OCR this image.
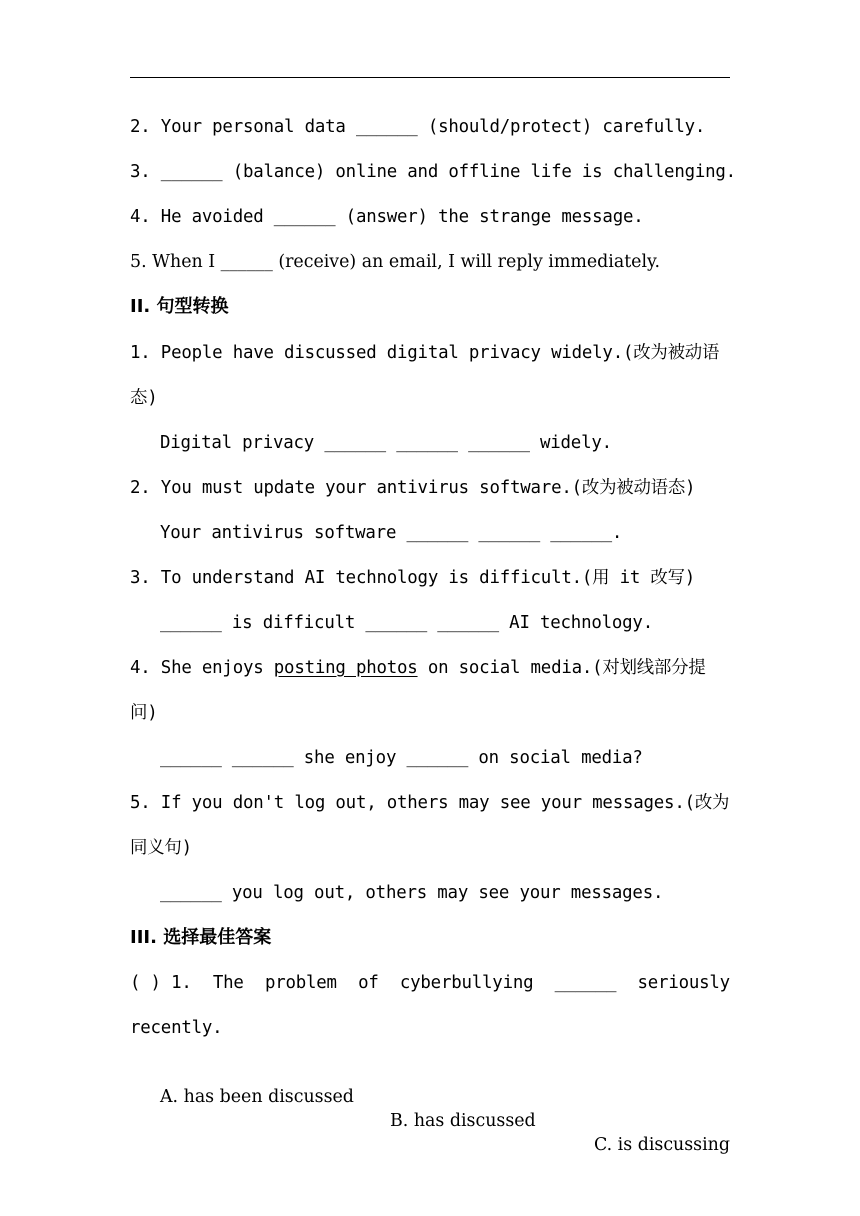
2. Your personal data ______ (should/protect) carefully.
3. ______ (balance) online and offline life is challenging.
4. He avoided ______ (answer) the strange message.
5. When I ______ (receive) an email, I will reply immediately.
II. 句型转换
1. People have discussed digital privacy widely.(改为被动语
态)
Digital privacy ______ ______ ______ widely.
2. You must update your antivirus software.(改为被动语态)
Your antivirus software ______ ______ ______.
3. To understand AI technology is difficult.(用 it 改写)
______ is difficult ______ ______ AI technology.
4. She enjoys posting photos on social media.(对划线部分提
问)
______ ______ she enjoy ______ on social media?
5. If you don't log out, others may see your messages.(改为
同义句)
______ you log out, others may see your messages.
III. 选择最佳答案
( ) 1. The problem of cyberbullying ______ seriously
recently.

A. has been discussed

B. has discussed

C. is discussing
